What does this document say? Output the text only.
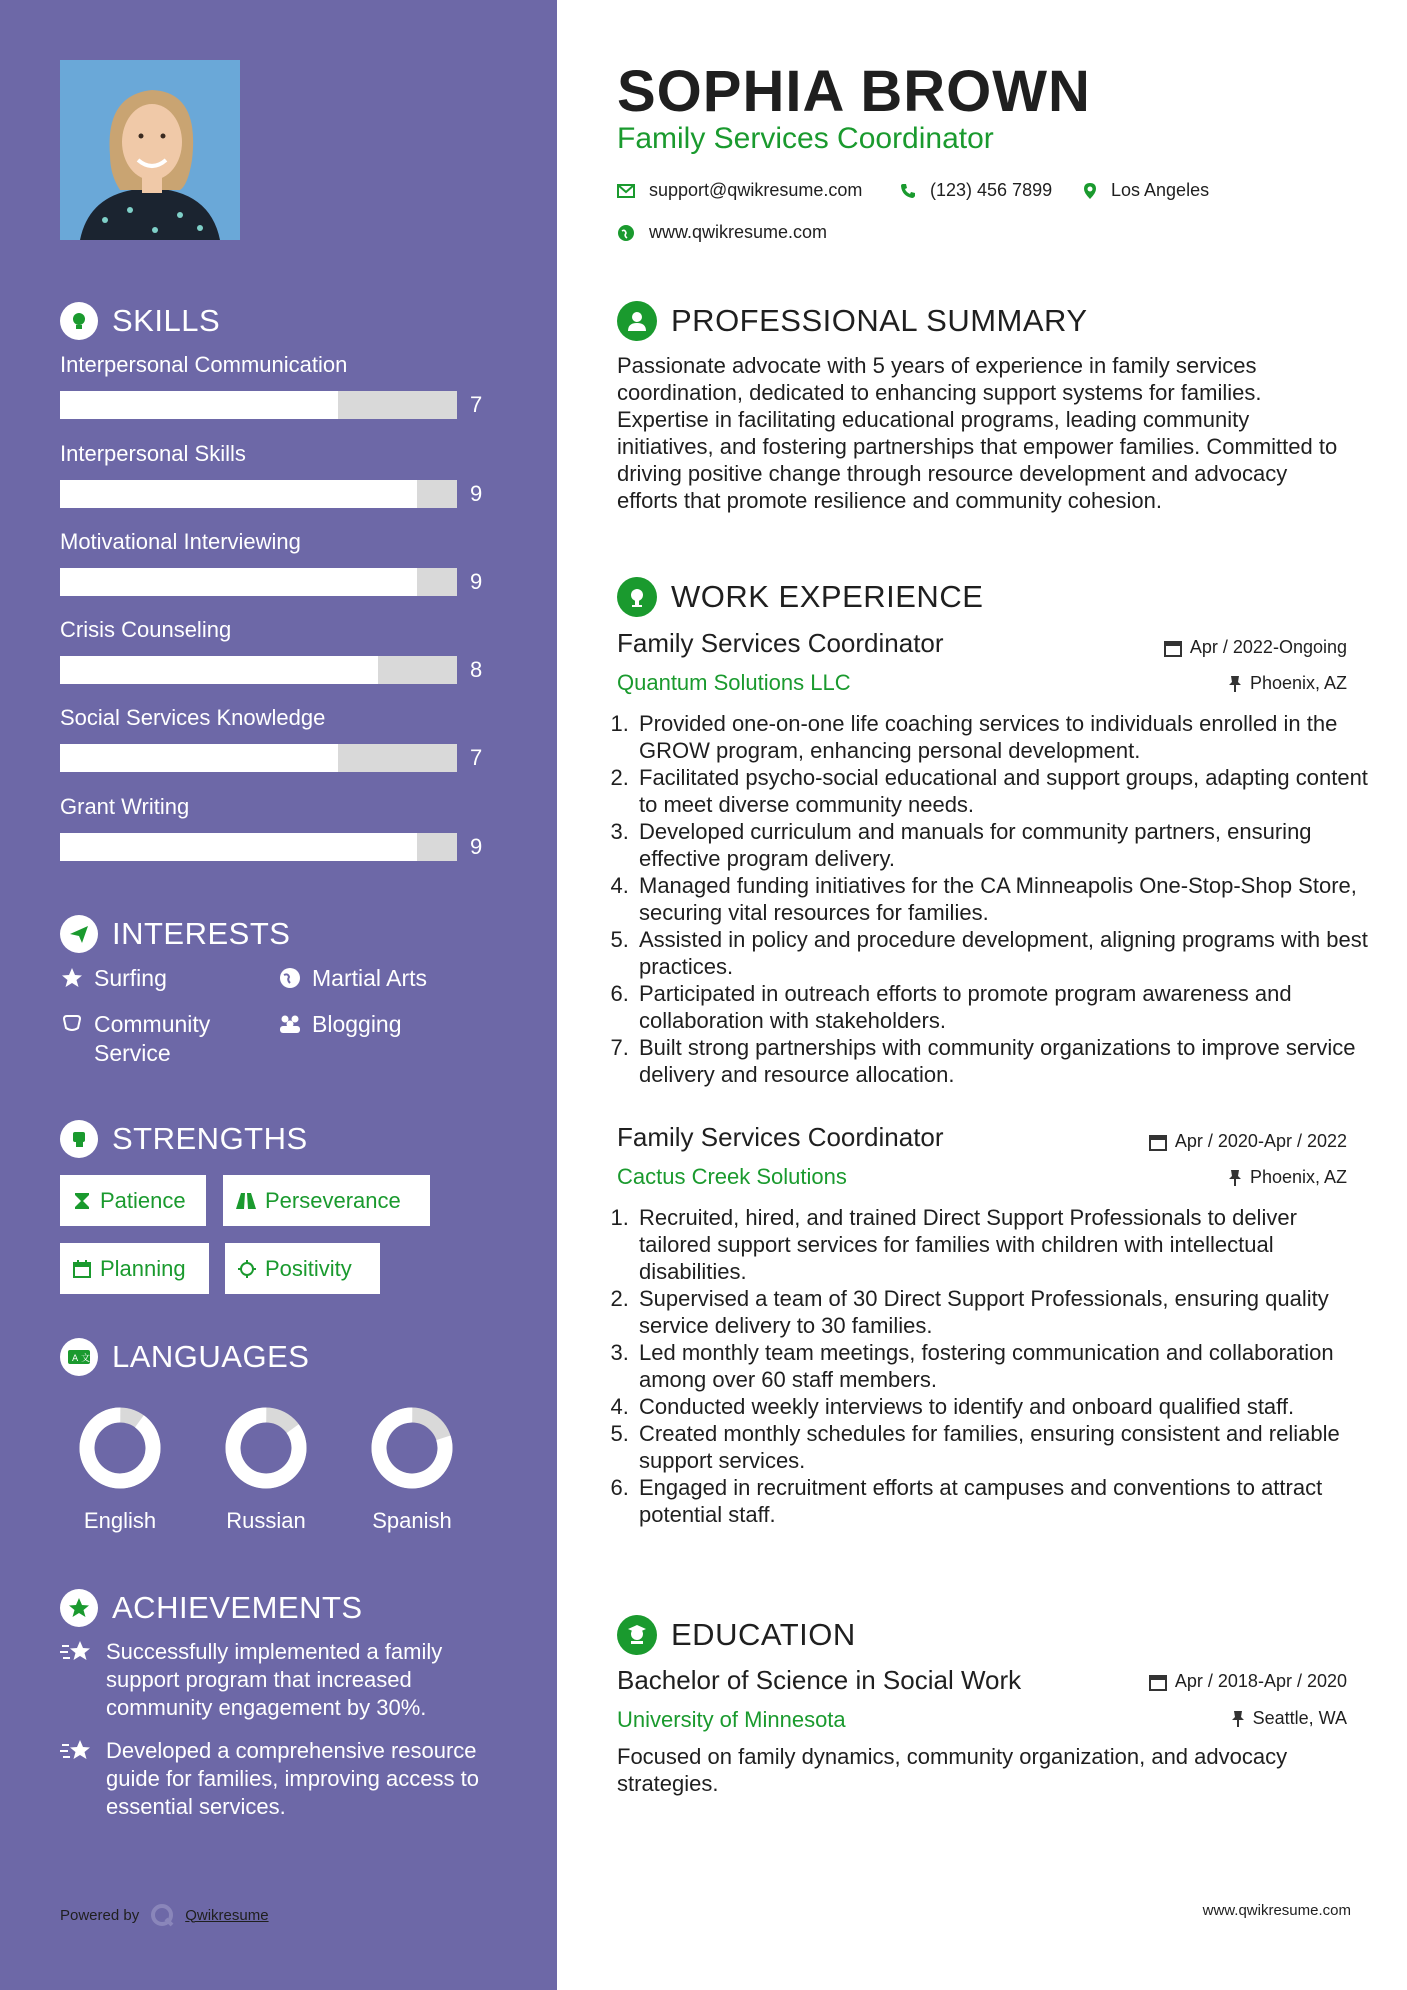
SKILLS
Interpersonal Communication
7
Interpersonal Skills
9
Motivational Interviewing
9
Crisis Counseling
8
Social Services Knowledge
7
Grant Writing
9
INTERESTS
Surfing	Martial Arts
Community Service
Blogging
STRENGTHS
Patience	Perseverance
Planning	Positivity
A 文 LANGUAGES
English	Russian	Spanish
ACHIEVEMENTS
Successfully implemented a family support program that increased community engagement by 30%.
Developed a comprehensive resource guide for families, improving access to essential services.
Powered by	Qwikresume
SOPHIA BROWN
Family Services Coordinator
support@qwikresume.com	(123) 456 7899	Los Angeles
www.qwikresume.com
PROFESSIONAL SUMMARY
Passionate advocate with 5 years of experience in family services coordination, dedicated to enhancing support systems for families. Expertise in facilitating educational programs, leading community initiatives, and fostering partnerships that empower families. Committed to driving positive change through resource development and advocacy efforts that promote resilience and community cohesion.
WORK EXPERIENCE
Family Services Coordinator	Apr / 2022-Ongoing
Quantum Solutions LLC	Phoenix, AZ
1. Provided one-on-one life coaching services to individuals enrolled in the GROW program, enhancing personal development.
2. Facilitated psycho-social educational and support groups, adapting content to meet diverse community needs.
3. Developed curriculum and manuals for community partners, ensuring effective program delivery.
4. Managed funding initiatives for the CA Minneapolis One-Stop-Shop Store, securing vital resources for families.
5. Assisted in policy and procedure development, aligning programs with best practices.
6. Participated in outreach efforts to promote program awareness and collaboration with stakeholders.
7. Built strong partnerships with community organizations to improve service delivery and resource allocation.
Family Services Coordinator	Apr / 2020-Apr / 2022
Cactus Creek Solutions	Phoenix, AZ
1. Recruited, hired, and trained Direct Support Professionals to deliver tailored support services for families with children with intellectual disabilities.
2. Supervised a team of 30 Direct Support Professionals, ensuring quality service delivery to 30 families.
3. Led monthly team meetings, fostering communication and collaboration among over 60 staff members.
4. Conducted weekly interviews to identify and onboard qualified staff.
5. Created monthly schedules for families, ensuring consistent and reliable support services.
6. Engaged in recruitment efforts at campuses and conventions to attract potential staff.
EDUCATION
Bachelor of Science in Social Work	Apr / 2018-Apr / 2020
University of Minnesota	Seattle, WA
Focused on family dynamics, community organization, and advocacy strategies.
www.qwikresume.com
